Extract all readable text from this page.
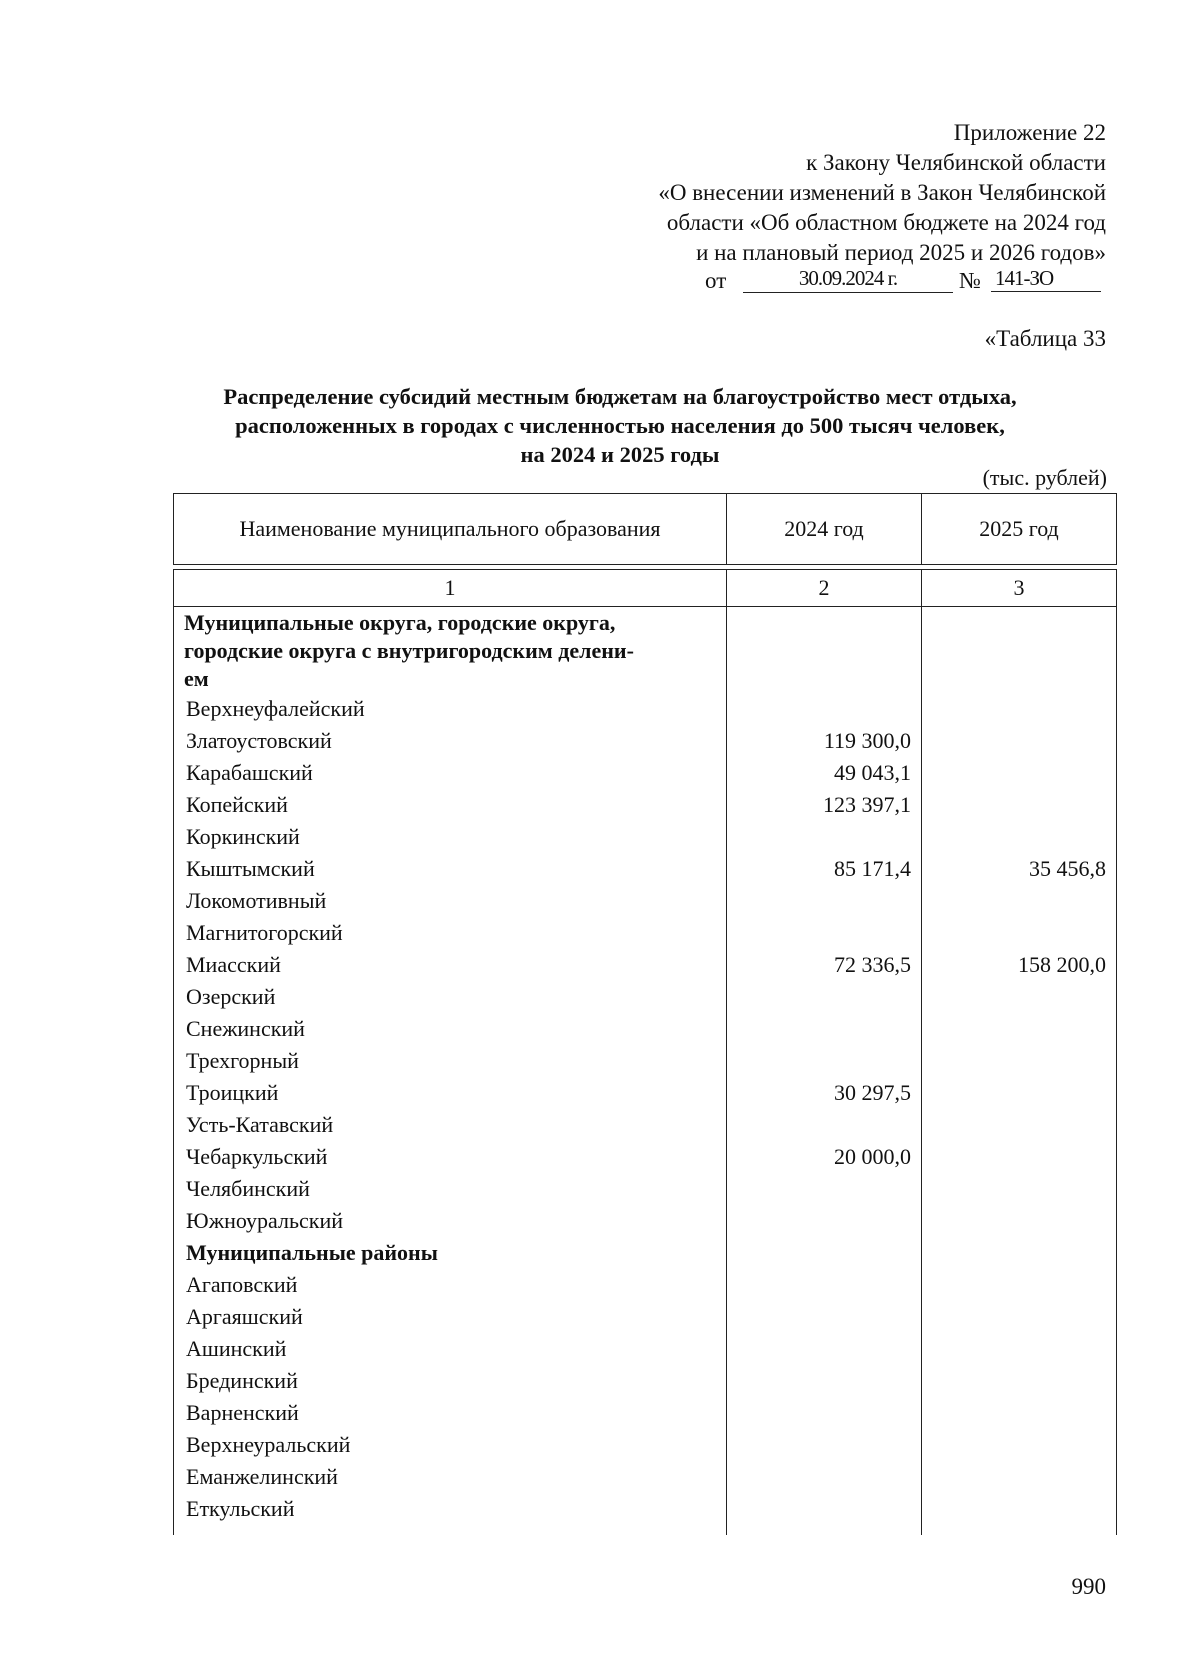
Приложение 22
к Закону Челябинской области
«О внесении изменений в Закон Челябинской
области «Об областном бюджете на 2024 год
и на плановый период 2025 и 2026 годов»
от	30.09.2024 г.	№ 141-ЗО
«Таблица 33
Распределение субсидий местным бюджетам на благоустройство мест отдыха,
расположенных в городах с численностью населения до 500 тысяч человек,
на 2024 и 2025 годы
(тыс. рублей)
Наименование муниципального образования	2024 год	2025 год

1	2	3

Муниципальные округа, городские округа,
городские округа с внутригородским делени-
ем		

Верхнеуфалейский		
Златоустовский	119 300,0	
Карабашский	49 043,1	
Копейский	123 397,1	
Коркинский		
Кыштымский	85 171,4	35 456,8
Локомотивный		
Магнитогорский		
Миасский	72 336,5	158 200,0
Озерский		
Снежинский		
Трехгорный		
Троицкий	30 297,5	
Усть-Катавский		
Чебаркульский	20 000,0	
Челябинский		
Южноуральский		
Муниципальные районы		
Агаповский		
Аргаяшский		
Ашинский		
Брединский		
Варненский		
Верхнеуральский		
Еманжелинский		
Еткульский		

990
